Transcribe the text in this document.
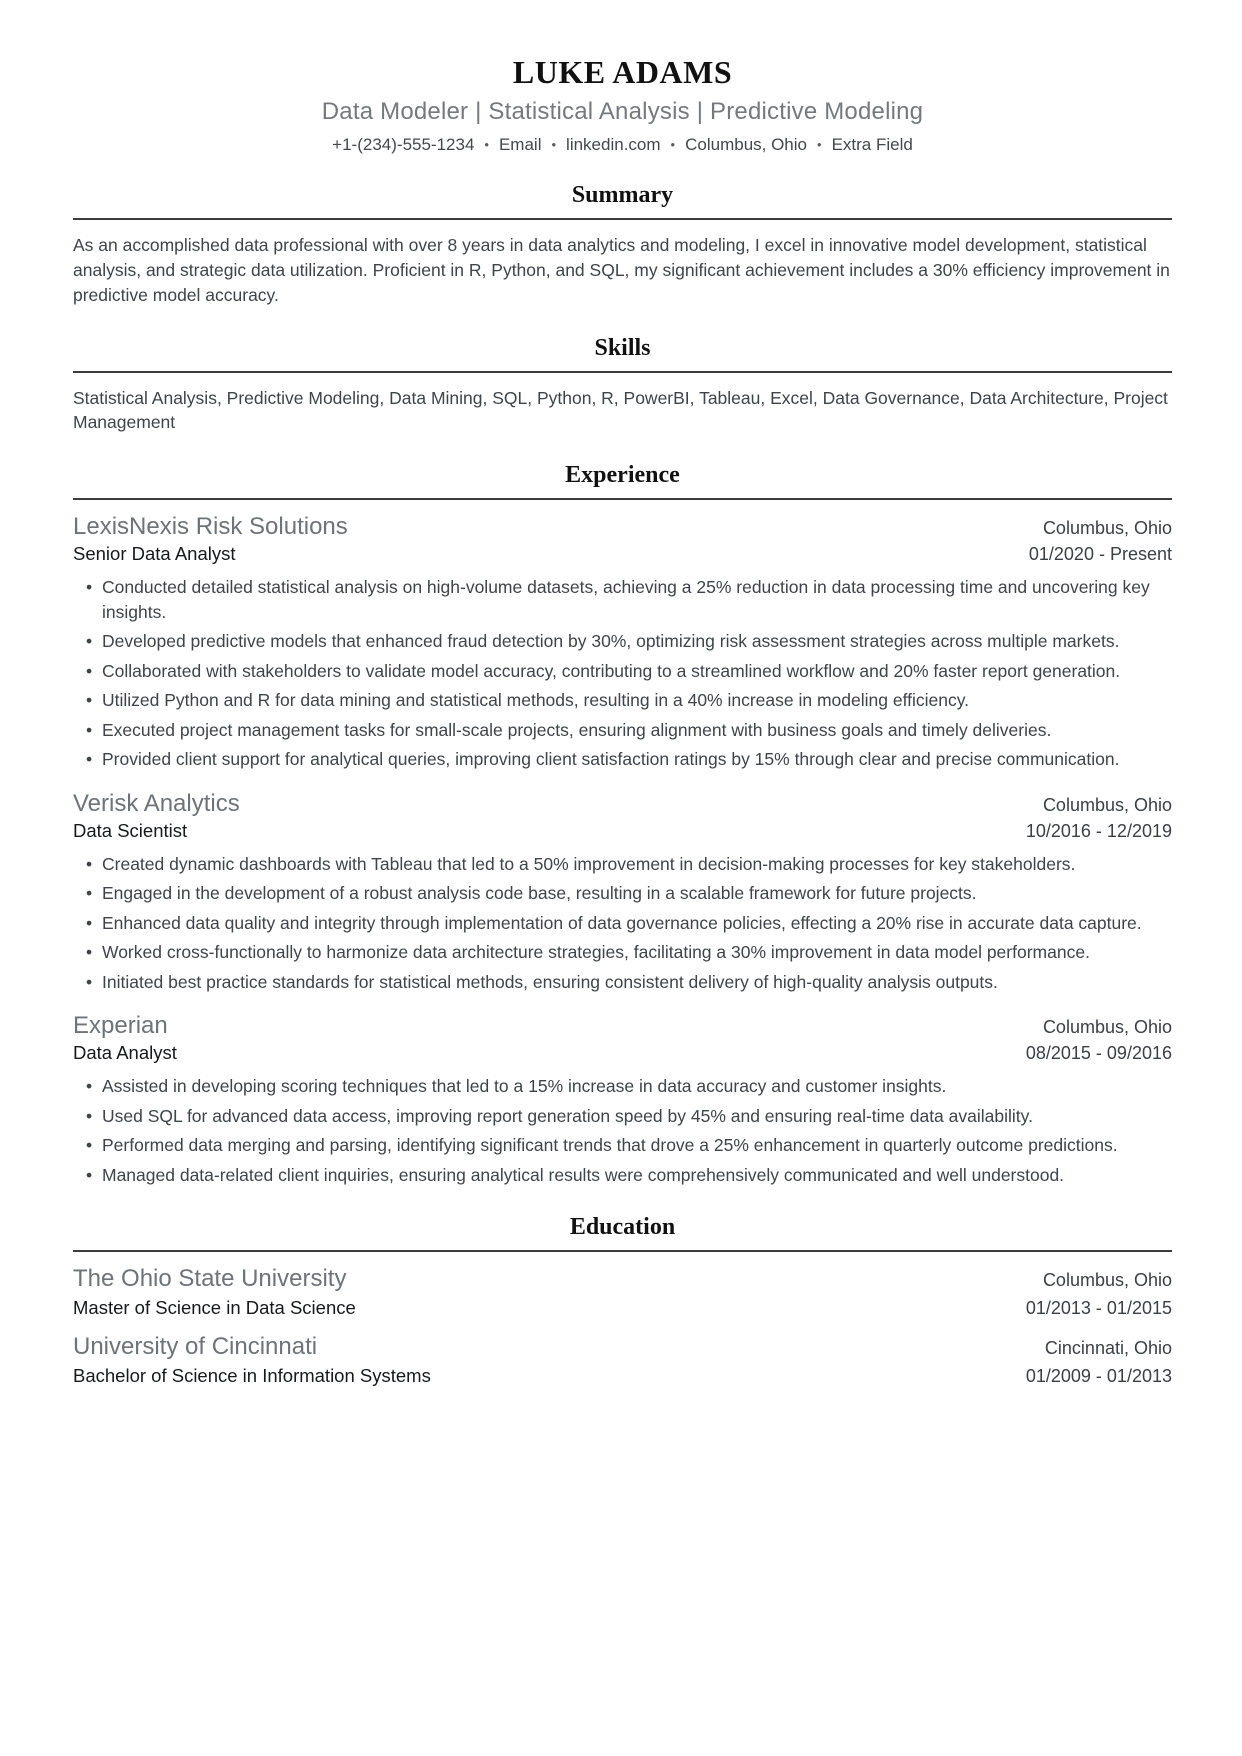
LUKE ADAMS
Data Modeler | Statistical Analysis | Predictive Modeling
+1-(234)-555-1234 • Email • linkedin.com • Columbus, Ohio • Extra Field
Summary

As an accomplished data professional with over 8 years in data analytics and modeling, I excel in innovative model development, statistical analysis, and strategic data utilization. Proficient in R, Python, and SQL, my significant achievement includes a 30% efficiency improvement in predictive model accuracy.

Skills

Statistical Analysis, Predictive Modeling, Data Mining, SQL, Python, R, PowerBI, Tableau, Excel, Data Governance, Data Architecture, Project Management

Experience
LexisNexis Risk Solutions	Columbus, Ohio
Senior Data Analyst	01/2020 - Present
• Conducted detailed statistical analysis on high-volume datasets, achieving a 25% reduction in data processing time and uncovering key insights.
• Developed predictive models that enhanced fraud detection by 30%, optimizing risk assessment strategies across multiple markets.
• Collaborated with stakeholders to validate model accuracy, contributing to a streamlined workflow and 20% faster report generation.
• Utilized Python and R for data mining and statistical methods, resulting in a 40% increase in modeling efficiency.
• Executed project management tasks for small-scale projects, ensuring alignment with business goals and timely deliveries.
• Provided client support for analytical queries, improving client satisfaction ratings by 15% through clear and precise communication.
Verisk Analytics	Columbus, Ohio
Data Scientist	10/2016 - 12/2019
• Created dynamic dashboards with Tableau that led to a 50% improvement in decision-making processes for key stakeholders.
• Engaged in the development of a robust analysis code base, resulting in a scalable framework for future projects.
• Enhanced data quality and integrity through implementation of data governance policies, effecting a 20% rise in accurate data capture.
• Worked cross-functionally to harmonize data architecture strategies, facilitating a 30% improvement in data model performance.
• Initiated best practice standards for statistical methods, ensuring consistent delivery of high-quality analysis outputs.
Experian	Columbus, Ohio
Data Analyst	08/2015 - 09/2016
• Assisted in developing scoring techniques that led to a 15% increase in data accuracy and customer insights.
• Used SQL for advanced data access, improving report generation speed by 45% and ensuring real-time data availability.
• Performed data merging and parsing, identifying significant trends that drove a 25% enhancement in quarterly outcome predictions.
• Managed data-related client inquiries, ensuring analytical results were comprehensively communicated and well understood.
Education
The Ohio State University	Columbus, Ohio
Master of Science in Data Science	01/2013 - 01/2015
University of Cincinnati	Cincinnati, Ohio
Bachelor of Science in Information Systems	01/2009 - 01/2013
